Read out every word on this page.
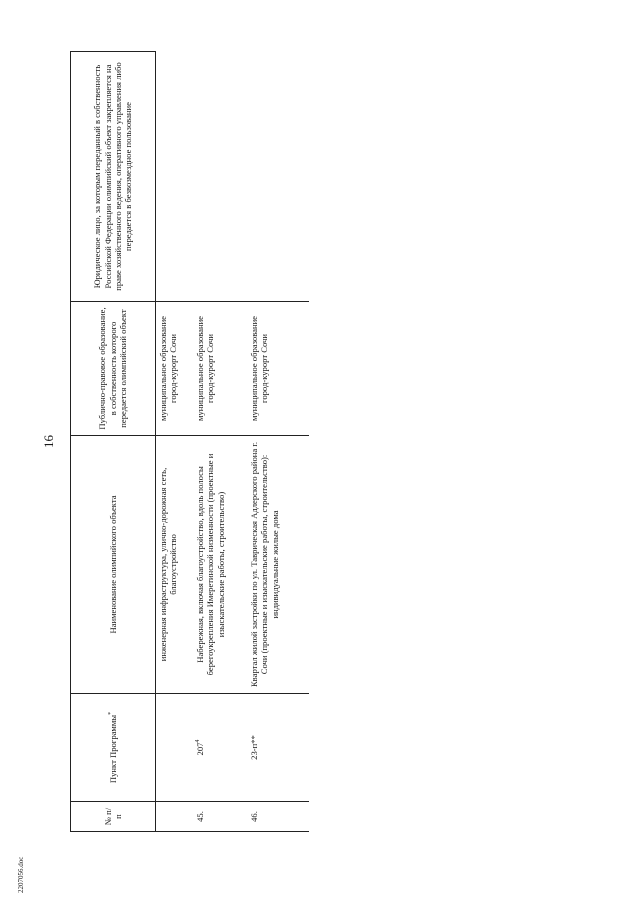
16
№ п/п	Пункт Программы*	Наименование олимпийского объекта	Публично-правовое образование, в собственность которого передается олимпийский объект	Юридическое лицо, за которым переданный в собственность Российской Федерации олимпийский объект закрепляется на праве хозяйственного ведения, оперативного управления либо передается в безвозмездное пользование
		инженерная инфраструктура, улично-дорожная сеть, благоустройство	муниципальное образование город-курорт Сочи	
45.	$207^4$	Набережная, включая благоустройство, вдоль полосы берегоукрепления Имеретинской низменности (проектные и изыскательские работы, строительство)	муниципальное образование город-курорт Сочи	
46.	23-п**	Квартал жилой застройки по ул. Таврическая Адлерского района г. Сочи (проектные и изыскательские работы, строительство): индивидуальные жилые дома	муниципальное образование город-курорт Сочи	
2207056.doc
